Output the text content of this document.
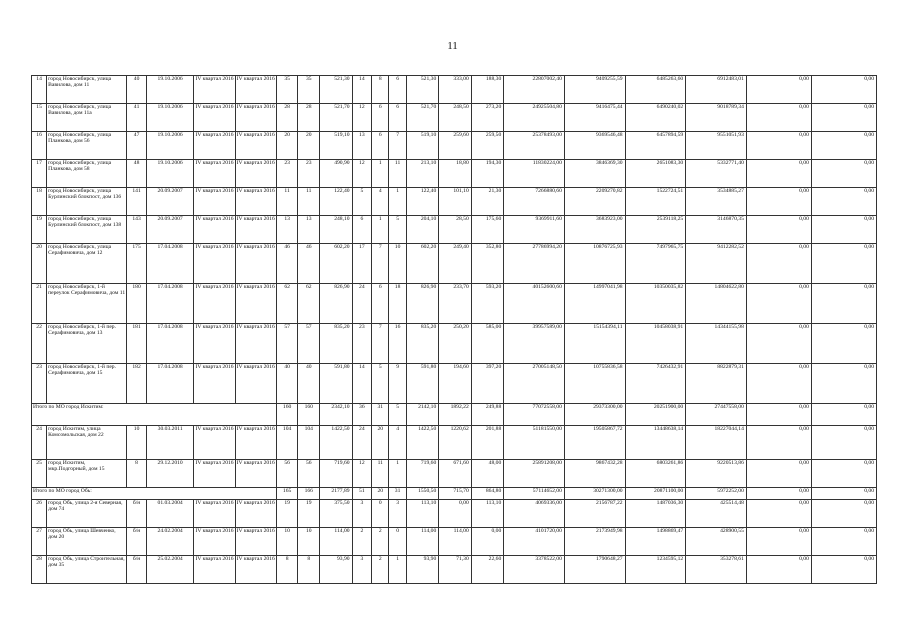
11
14	город Новосибирск, улица Вавилова, дом 11	40	19.10.2006	IV квартал 2016	IV квартал 2016	35	35	521,30	14	8	6	521,30	333,00	188,30	22807002,40	9409255,59	6485263,60	6912483,01	0,00	0,00
15	город Новосибирск, улица Вавилова, дом 11а	41	19.10.2006	IV квартал 2016	IV квартал 2016	28	28	521,70	12	6	6	521,70	248,50	273,20	24925504,80	9416475,44	6490240,02	9018789,34	0,00	0,00
16	город Новосибирск, улица Планкова, дом 56	47	19.10.2006	IV квартал 2016	IV квартал 2016	20	20	519,10	13	6	7	519,10	259,60	259,50	25378493,00	9369546,48	6457894,59	9551051,93	0,00	0,00
17	город Новосибирск, улица Планкова, дом 58	48	19.10.2006	IV квартал 2016	IV квартал 2016	23	23	490,90	12	1	11	213,10	18,80	194,30	11830224,00	3846369,30	2651083,30	5332771,40	0,00	0,00
18	город Новосибирск, улица Бурлинский блокпост, дом 136	141	20.09.2007	IV квартал 2016	IV квартал 2016	11	11	122,40	5	4	1	122,40	101,10	21,30	7266880,60	2209270,82	1522724,51	3534885,27	0,00	0,00
19	город Новосибирск, улица Бурлинский блокпост, дом 138	143	20.09.2007	IV квартал 2016	IV квартал 2016	13	13	248,10	6	1	5	204,10	28,50	175,60	9369911,60	3683923,00	2539118,25	3146870,35	0,00	0,00
20	город Новосибирск, улица Серафимовича, дом 12	175	17.04.2008	IV квартал 2016	IV квартал 2016	46	46	602,20	17	7	10	602,20	249,40	352,80	27786994,20	10876725,93	7497965,75	9412282,52	0,00	0,00
21	город Новосибирск, 1-й переулок Серафимовича, дом 11	180	17.04.2008	IV квартал 2016	IV квартал 2016	62	62	826,90	24	6	18	826,90	233,70	593,20	40152600,60	14997041,98	10350035,82	14804622,80	0,00	0,00
22	город Новосибирск, 1-й пер. Серафимовича, дом 13	181	17.04.2008	IV квартал 2016	IV квартал 2016	57	57	835,20	23	7	16	835,20	250,20	585,00	39957589,00	15154394,11	10458038,91	14344155,98	0,00	0,00
23	город Новосибирск, 1-й пер. Серафимовича, дом 15	182	17.04.2008	IV квартал 2016	IV квартал 2016	40	40	591,80	14	5	9	591,80	194,60	397,20	27005148,50	10755836,58	7426432,91	8822879,31	0,00	0,00
Итого по МО город Искитим:						160	160	2342,10	36	31	5	2142,10	1892,22	249,88	77072558,00	29373300,00	20251900,00	27447558,00	0,00	0,00
24	город Искитим, улица Комсомольская, дом 22	10	30.03.2011	IV квартал 2016	IV квартал 2016	104	104	1422,50	24	20	4	1422,50	1220,62	201,88	51181550,00	19505867,72	13448638,14	18227044,14	0,00	0,00
25	город Искитим, мкр.Подгорный, дом 15	8	29.12.2010	IV квартал 2016	IV квартал 2016	56	56	719,60	12	11	1	719,60	671,60	48,00	25891208,00	9867432,28	6803261,86	9220513,86	0,00	0,00
Итого по МО город Обь:						165	166	2177,89	51	20	31	1550,50	715,70	864,80	57114652,00	30271300,00	20871100,00	5972252,00	0,00	0,00
26	город Обь, улица 2-я Северная, дом 74	б/н	01.03.2004	IV квартал 2016	IV квартал 2016	19	19	375,50	3	0	3	113,10	0,00	113,10	4069336,00	2156787,22	1487036,30	425514,48	0,00	0,00
27	город Обь, улица Шевченко, дом 20	б/н	24.02.2004	IV квартал 2016	IV квартал 2016	10	10	114,00	2	2	0	114,00	114,00	0,00	4101720,00	2173949,98	1498869,47	428900,55	0,00	0,00
28	город Обь, улица Строительная, дом 35	б/н	25.02.2004	IV квартал 2016	IV квартал 2016	8	8	93,90	3	2	1	93,90	71,30	22,60	3378522,00	1790648,27	1234595,12	353278,61	0,00	0,00
